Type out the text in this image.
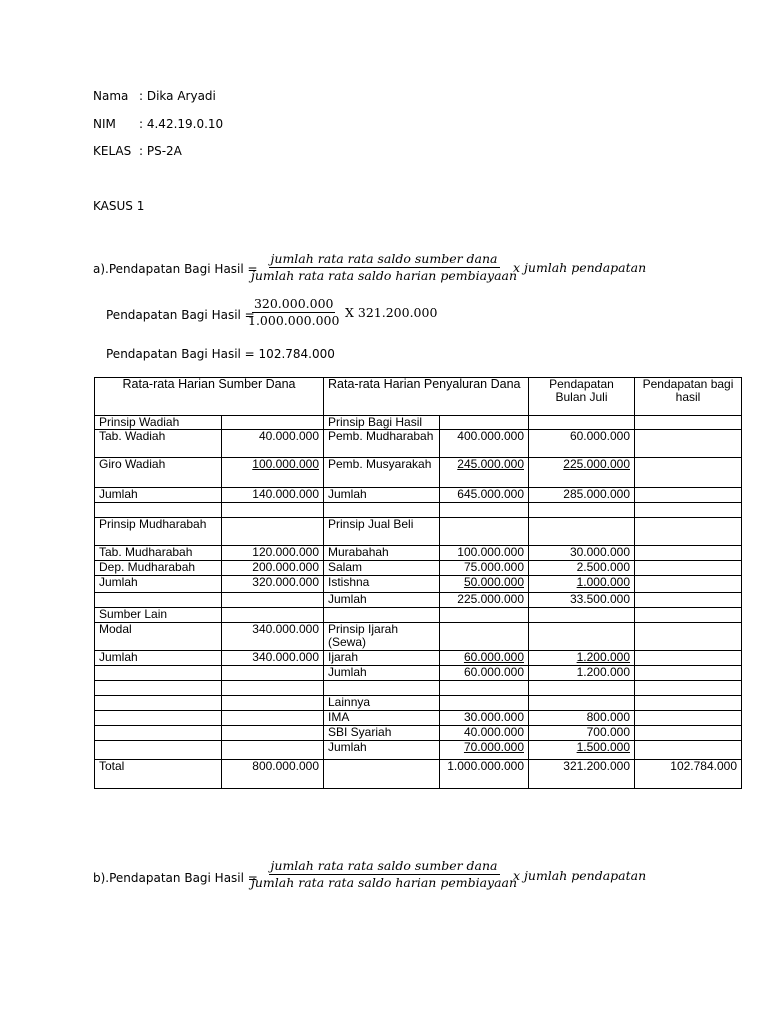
Nama : Dika Aryadi
NIM : 4.42.19.0.10
KELAS : PS-2A
KASUS 1
a).Pendapatan Bagi Hasil =
jumlah rata rata saldo sumber dana
jumlah rata rata saldo harian pembiayaan
x jumlah pendapatan
Pendapatan Bagi Hasil =
$\frac{320.000.000}{1.000.000.000}$ X 321.200.000
Pendapatan Bagi Hasil = 102.784.000
Rata-rata Harian Sumber Dana		Rata-rata Harian Penyaluran Dana		Pendapatan Bulan Juli	Pendapatan bagi hasil
Prinsip Wadiah		Prinsip Bagi Hasil			
Tab. Wadiah	40.000.000	Pemb. Mudharabah	400.000.000	60.000.000	
Giro Wadiah	100.000.000	Pemb. Musyarakah	245.000.000	225.000.000	
Jumlah	140.000.000	Jumlah	645.000.000	285.000.000	

Prinsip Mudharabah		Prinsip Jual Beli			
Tab. Mudharabah	120.000.000	Murabahah	100.000.000	30.000.000	
Dep. Mudharabah	200.000.000	Salam	75.000.000	2.500.000	
Jumlah	320.000.000	Istishna	50.000.000	1.000.000	
		Jumlah	225.000.000	33.500.000	
Sumber Lain					
Modal	340.000.000	Prinsip Ijarah (Sewa)			
Jumlah	340.000.000	Ijarah	60.000.000	1.200.000	
		Jumlah	60.000.000	1.200.000	

		Lainnya			
		IMA	30.000.000	800.000	
		SBI Syariah	40.000.000	700.000	
		Jumlah	70.000.000	1.500.000	
Total	800.000.000		1.000.000.000	321.200.000	102.784.000
b).Pendapatan Bagi Hasil =
jumlah rata rata saldo sumber dana
jumlah rata rata saldo harian pembiayaan
x jumlah pendapatan
